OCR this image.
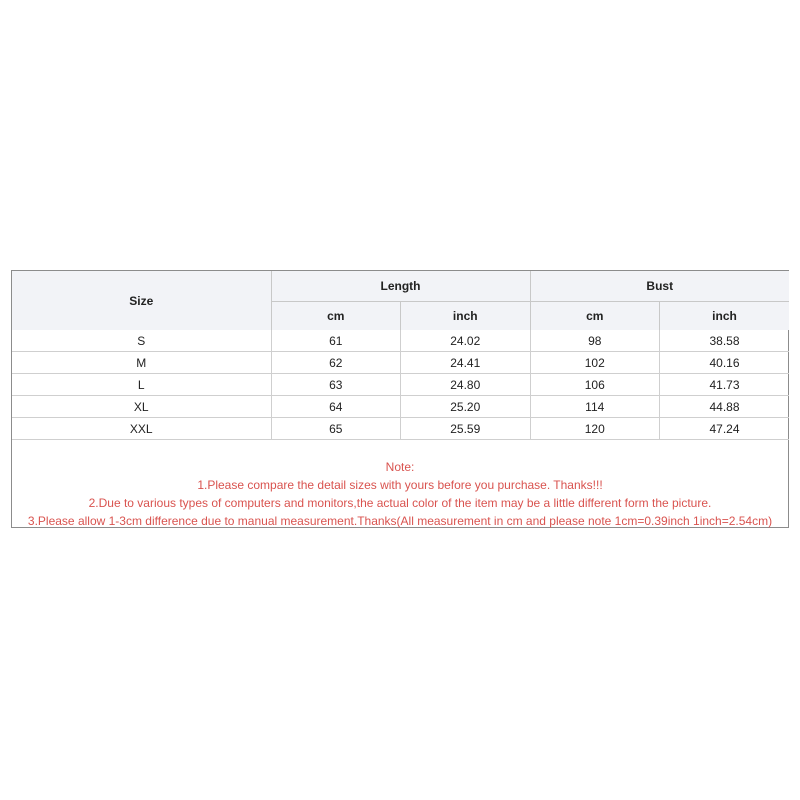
Size	Length		Bust	
	cm	inch	cm	inch
S	61	24.02	98	38.58
M	62	24.41	102	40.16
L	63	24.80	106	41.73
XL	64	25.20	114	44.88
XXL	65	25.59	120	47.24
Note:
1.Please compare the detail sizes with yours before you purchase. Thanks!!!
2.Due to various types of computers and monitors,the actual color of the item may be a little different form the picture.
3.Please allow 1-3cm difference due to manual measurement.Thanks(All measurement in cm and please note 1cm=0.39inch 1inch=2.54cm)
